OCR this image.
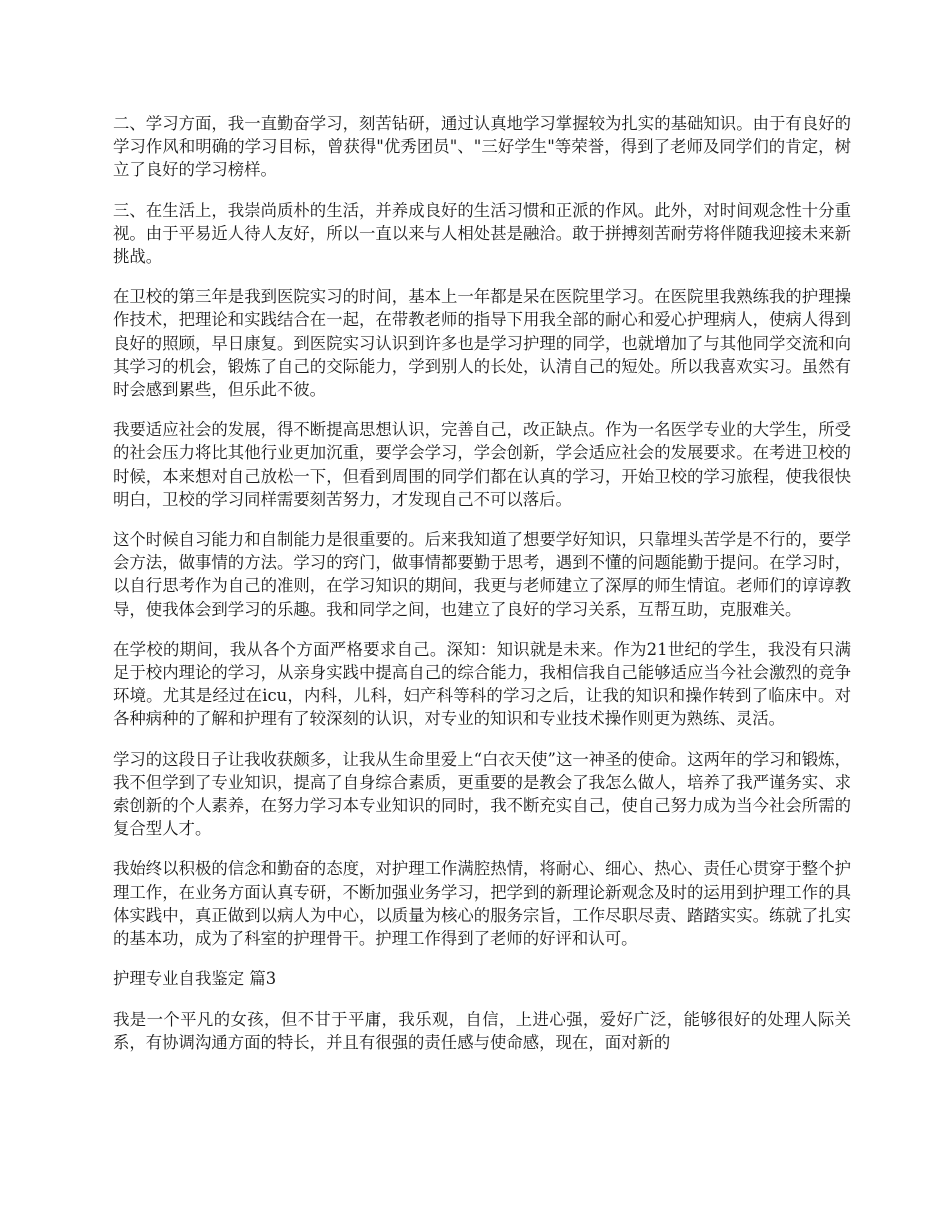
二、学习方面，我一直勤奋学习，刻苦钻研，通过认真地学习掌握较为扎实的基础知识。由于有良好的学习作风和明确的学习目标，曾获得"优秀团员"、"三好学生"等荣誉，得到了老师及同学们的肯定，树立了良好的学习榜样。

三、在生活上，我崇尚质朴的生活，并养成良好的生活习惯和正派的作风。此外，对时间观念性十分重视。由于平易近人待人友好，所以一直以来与人相处甚是融洽。敢于拼搏刻苦耐劳将伴随我迎接未来新挑战。

在卫校的第三年是我到医院实习的时间，基本上一年都是呆在医院里学习。在医院里我熟练我的护理操作技术，把理论和实践结合在一起，在带教老师的指导下用我全部的耐心和爱心护理病人，使病人得到良好的照顾，早日康复。到医院实习认识到许多也是学习护理的同学，也就增加了与其他同学交流和向其学习的机会，锻炼了自己的交际能力，学到别人的长处，认清自己的短处。所以我喜欢实习。虽然有时会感到累些，但乐此不彼。

我要适应社会的发展，得不断提高思想认识，完善自己，改正缺点。作为一名医学专业的大学生，所受的社会压力将比其他行业更加沉重，要学会学习，学会创新，学会适应社会的发展要求。在考进卫校的时候，本来想对自己放松一下，但看到周围的同学们都在认真的学习，开始卫校的学习旅程，使我很快明白，卫校的学习同样需要刻苦努力，才发现自己不可以落后。

这个时候自习能力和自制能力是很重要的。后来我知道了想要学好知识，只靠埋头苦学是不行的，要学会方法，做事情的方法。学习的窍门，做事情都要勤于思考，遇到不懂的问题能勤于提问。在学习时，以自行思考作为自己的准则，在学习知识的期间，我更与老师建立了深厚的师生情谊。老师们的谆谆教导，使我体会到学习的乐趣。我和同学之间，也建立了良好的学习关系，互帮互助，克服难关。

在学校的期间，我从各个方面严格要求自己。深知：知识就是未来。作为21世纪的学生，我没有只满足于校内理论的学习，从亲身实践中提高自己的综合能力，我相信我自己能够适应当今社会激烈的竞争环境。尤其是经过在icu，内科，儿科，妇产科等科的学习之后，让我的知识和操作转到了临床中。对各种病种的了解和护理有了较深刻的认识，对专业的知识和专业技术操作则更为熟练、灵活。

学习的这段日子让我收获颇多，让我从生命里爱上“白衣天使”这一神圣的使命。这两年的学习和锻炼，我不但学到了专业知识，提高了自身综合素质，更重要的是教会了我怎么做人，培养了我严谨务实、求索创新的个人素养，在努力学习本专业知识的同时，我不断充实自己，使自己努力成为当今社会所需的复合型人才。

我始终以积极的信念和勤奋的态度，对护理工作满腔热情，将耐心、细心、热心、责任心贯穿于整个护理工作，在业务方面认真专研，不断加强业务学习，把学到的新理论新观念及时的运用到护理工作的具体实践中，真正做到以病人为中心，以质量为核心的服务宗旨，工作尽职尽责、踏踏实实。练就了扎实的基本功，成为了科室的护理骨干。护理工作得到了老师的好评和认可。

护理专业自我鉴定 篇3

我是一个平凡的女孩，但不甘于平庸，我乐观，自信，上进心强，爱好广泛，能够很好的处理人际关系，有协调沟通方面的特长，并且有很强的责任感与使命感，现在，面对新的
